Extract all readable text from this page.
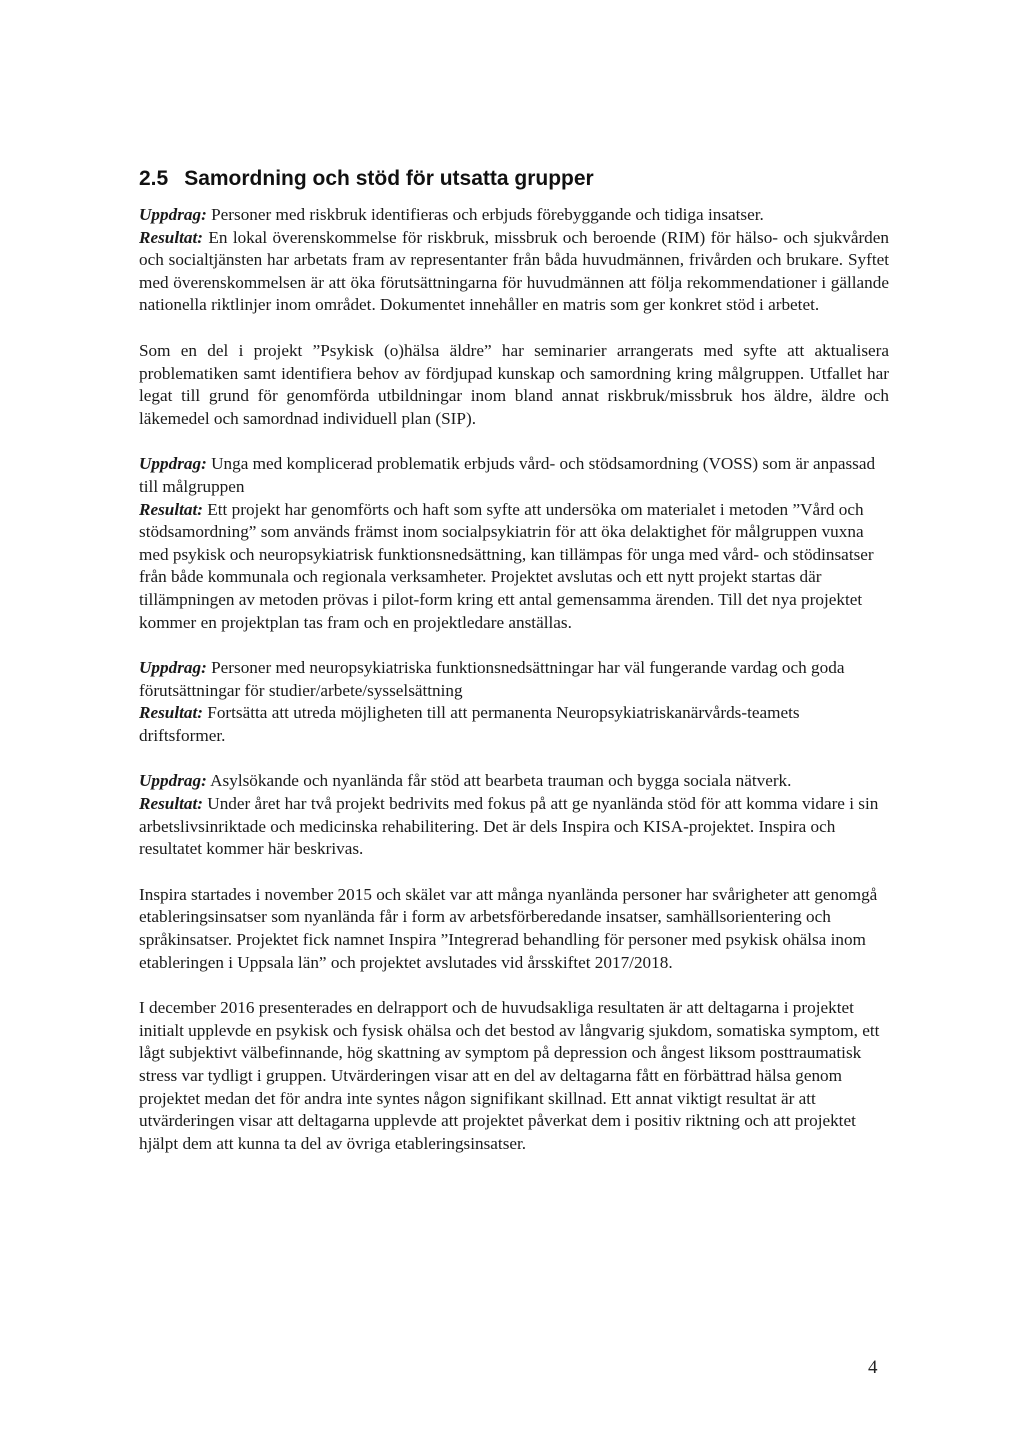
2.5 Samordning och stöd för utsatta grupper

Uppdrag: Personer med riskbruk identifieras och erbjuds förebyggande och tidiga insatser.

Resultat: En lokal överenskommelse för riskbruk, missbruk och beroende (RIM) för hälso- och sjukvården och socialtjänsten har arbetats fram av representanter från båda huvudmännen, frivården och brukare. Syftet med överenskommelsen är att öka förutsättningarna för huvudmännen att följa rekommendationer i gällande nationella riktlinjer inom området. Dokumentet innehåller en matris som ger konkret stöd i arbetet.

Som en del i projekt ”Psykisk (o)hälsa äldre” har seminarier arrangerats med syfte att aktualisera problematiken samt identifiera behov av fördjupad kunskap och samordning kring målgruppen. Utfallet har legat till grund för genomförda utbildningar inom bland annat riskbruk/missbruk hos äldre, äldre och läkemedel och samordnad individuell plan (SIP).

Uppdrag: Unga med komplicerad problematik erbjuds vård- och stödsamordning (VOSS) som är anpassad till målgruppen

Resultat: Ett projekt har genomförts och haft som syfte att undersöka om materialet i metoden ”Vård och stödsamordning” som används främst inom socialpsykiatrin för att öka delaktighet för målgruppen vuxna med psykisk och neuropsykiatrisk funktionsnedsättning, kan tillämpas för unga med vård- och stödinsatser från både kommunala och regionala verksamheter. Projektet avslutas och ett nytt projekt startas där tillämpningen av metoden prövas i pilot-form kring ett antal gemensamma ärenden. Till det nya projektet kommer en projektplan tas fram och en projektledare anställas.

Uppdrag: Personer med neuropsykiatriska funktionsnedsättningar har väl fungerande vardag och goda förutsättningar för studier/arbete/sysselsättning

Resultat: Fortsätta att utreda möjligheten till att permanenta Neuropsykiatriskanärvårds-teamets driftsformer.

Uppdrag: Asylsökande och nyanlända får stöd att bearbeta trauman och bygga sociala nätverk.

Resultat: Under året har två projekt bedrivits med fokus på att ge nyanlända stöd för att komma vidare i sin arbetslivsinriktade och medicinska rehabilitering. Det är dels Inspira och KISA-projektet. Inspira och resultatet kommer här beskrivas.

Inspira startades i november 2015 och skälet var att många nyanlända personer har svårigheter att genomgå etableringsinsatser som nyanlända får i form av arbetsförberedande insatser, samhällsorientering och språkinsatser. Projektet fick namnet Inspira ”Integrerad behandling för personer med psykisk ohälsa inom etableringen i Uppsala län” och projektet avslutades vid årsskiftet 2017/2018.

I december 2016 presenterades en delrapport och de huvudsakliga resultaten är att deltagarna i projektet initialt upplevde en psykisk och fysisk ohälsa och det bestod av långvarig sjukdom, somatiska symptom, ett lågt subjektivt välbefinnande, hög skattning av symptom på depression och ångest liksom posttraumatisk stress var tydligt i gruppen. Utvärderingen visar att en del av deltagarna fått en förbättrad hälsa genom projektet medan det för andra inte syntes någon signifikant skillnad. Ett annat viktigt resultat är att utvärderingen visar att deltagarna upplevde att projektet påverkat dem i positiv riktning och att projektet hjälpt dem att kunna ta del av övriga etableringsinsatser.

4
